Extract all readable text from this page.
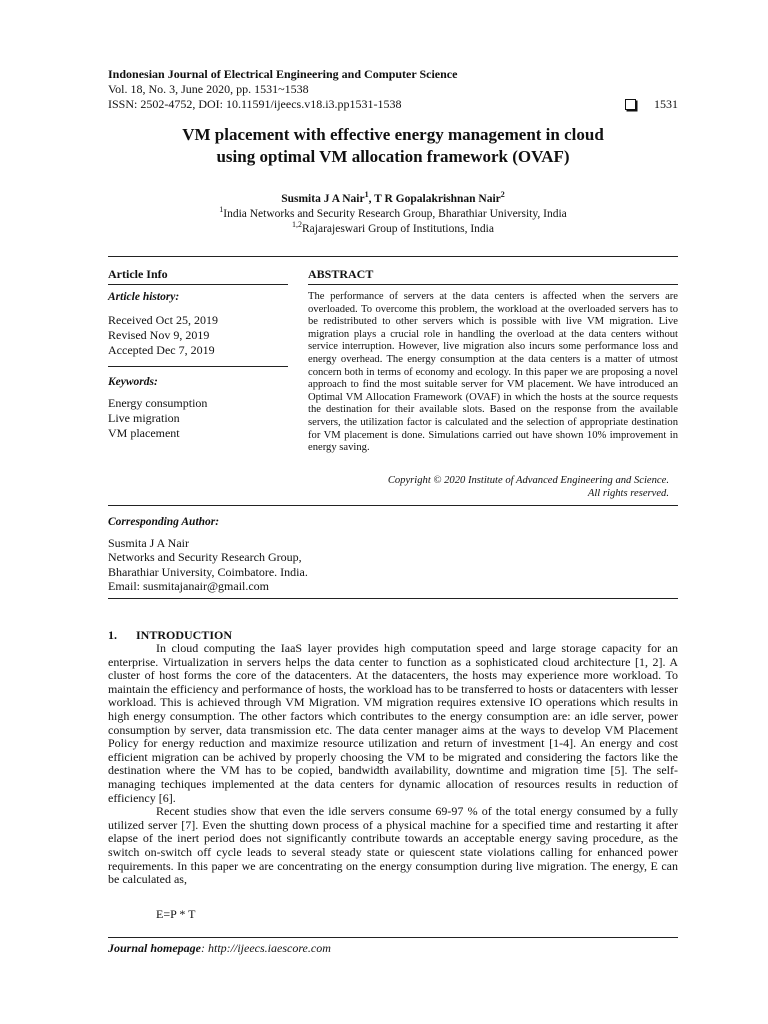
Indonesian Journal of Electrical Engineering and Computer Science
Vol. 18, No. 3, June 2020, pp. 1531~1538
ISSN: 2502-4752, DOI: 10.11591/ijeecs.v18.i3.pp1531-1538	1531
VM placement with effective energy management in cloud
using optimal VM allocation framework (OVAF)
Susmita J A Nair$^1$, T R Gopalakrishnan Nair$^2$
$^1$India Networks and Security Research Group, Bharathiar University, India
$^{1,2}$Rajarajeswari Group of Institutions, India
Article Info	ABSTRACT
Article history:
Received Oct 25, 2019
Revised Nov 9, 2019
Accepted Dec 7, 2019
Keywords:
Energy consumption
Live migration
VM placement
The performance of servers at the data centers is affected when the servers are overloaded. To overcome this problem, the workload at the overloaded servers has to be redistributed to other servers which is possible with live VM migration. Live migration plays a crucial role in handling the overload at the data centers without service interruption. However, live migration also incurs some performance loss and energy overhead. The energy consumption at the data centers is a matter of utmost concern both in terms of economy and ecology. In this paper we are proposing a novel approach to find the most suitable server for VM placement. We have introduced an Optimal VM Allocation Framework (OVAF) in which the hosts at the source requests the destination for their available slots. Based on the response from the available servers, the utilization factor is calculated and the selection of appropriate destination for VM placement is done. Simulations carried out have shown 10% improvement in energy saving.
Copyright © 2020 Institute of Advanced Engineering and Science.
All rights reserved.
Corresponding Author:
Susmita J A Nair
Networks and Security Research Group,
Bharathiar University, Coimbatore. India.
Email: susmitajanair@gmail.com
1. INTRODUCTION

In cloud computing the IaaS layer provides high computation speed and large storage capacity for an enterprise. Virtualization in servers helps the data center to function as a sophisticated cloud architecture [1, 2]. A cluster of host forms the core of the datacenters. At the datacenters, the hosts may experience more workload. To maintain the efficiency and performance of hosts, the workload has to be transferred to hosts or datacenters with lesser workload. This is achieved through VM Migration. VM migration requires extensive IO operations which results in high energy consumption. The other factors which contributes to the energy consumption are: an idle server, power consumption by server, data transmission etc. The data center manager aims at the ways to develop VM Placement Policy for energy reduction and maximize resource utilization and return of investment [1-4]. An energy and cost efficient migration can be achived by properly choosing the VM to be migrated and considering the factors like the destination where the VM has to be copied, bandwidth availability, downtime and migration time [5]. The self-managing techiques implemented at the data centers for dynamic allocation of resources results in reduction of efficiency [6].

Recent studies show that even the idle servers consume 69-97 % of the total energy consumed by a fully utilized server [7]. Even the shutting down process of a physical machine for a specified time and restarting it after elapse of the inert period does not significantly contribute towards an acceptable energy saving procedure, as the switch on-switch off cycle leads to several steady state or quiescent state violations calling for enhanced power requirements. In this paper we are concentrating on the energy consumption during live migration. The energy, E can be calculated as,

E=P * T
Journal homepage: http://ijeecs.iaescore.com
